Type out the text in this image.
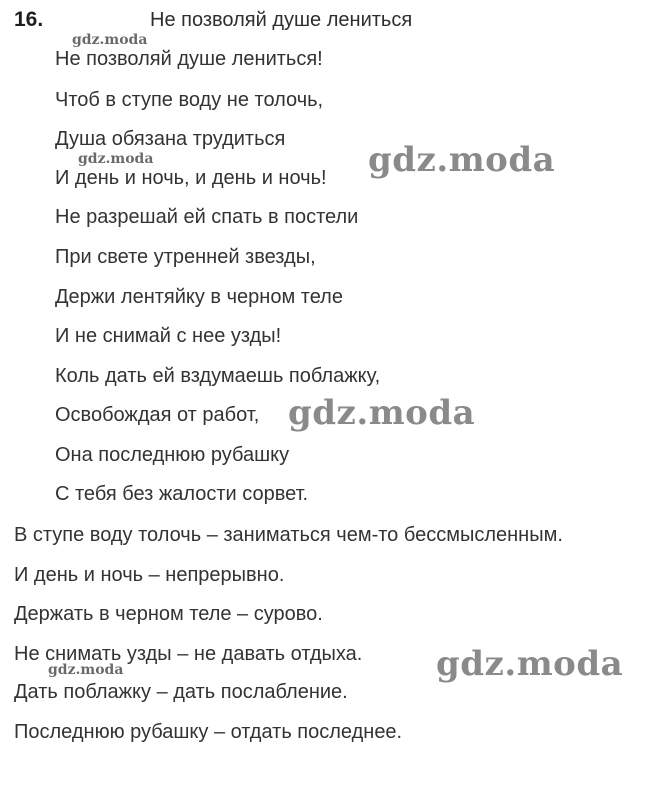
16.	Не позволяй душе лениться
Не позволяй душе лениться!
Чтоб в ступе воду не толочь,
Душа обязана трудиться
И день и ночь, и день и ночь!
Не разрешай ей спать в постели
При свете утренней звезды,
Держи лентяйку в черном теле
И не снимай с нее узды!
Коль дать ей вздумаешь поблажку,
Освобождая от работ,
Она последнюю рубашку
С тебя без жалости сорвет.
В ступе воду толочь – заниматься чем-то бессмысленным.
И день и ночь – непрерывно.
Держать в черном теле – сурово.
Не снимать узды – не давать отдыха.
Дать поблажку – дать послабление.
Последнюю рубашку – отдать последнее.
gdz.moda
gdz.moda	gdz.moda
gdz.moda
gdz.moda	gdz.moda
